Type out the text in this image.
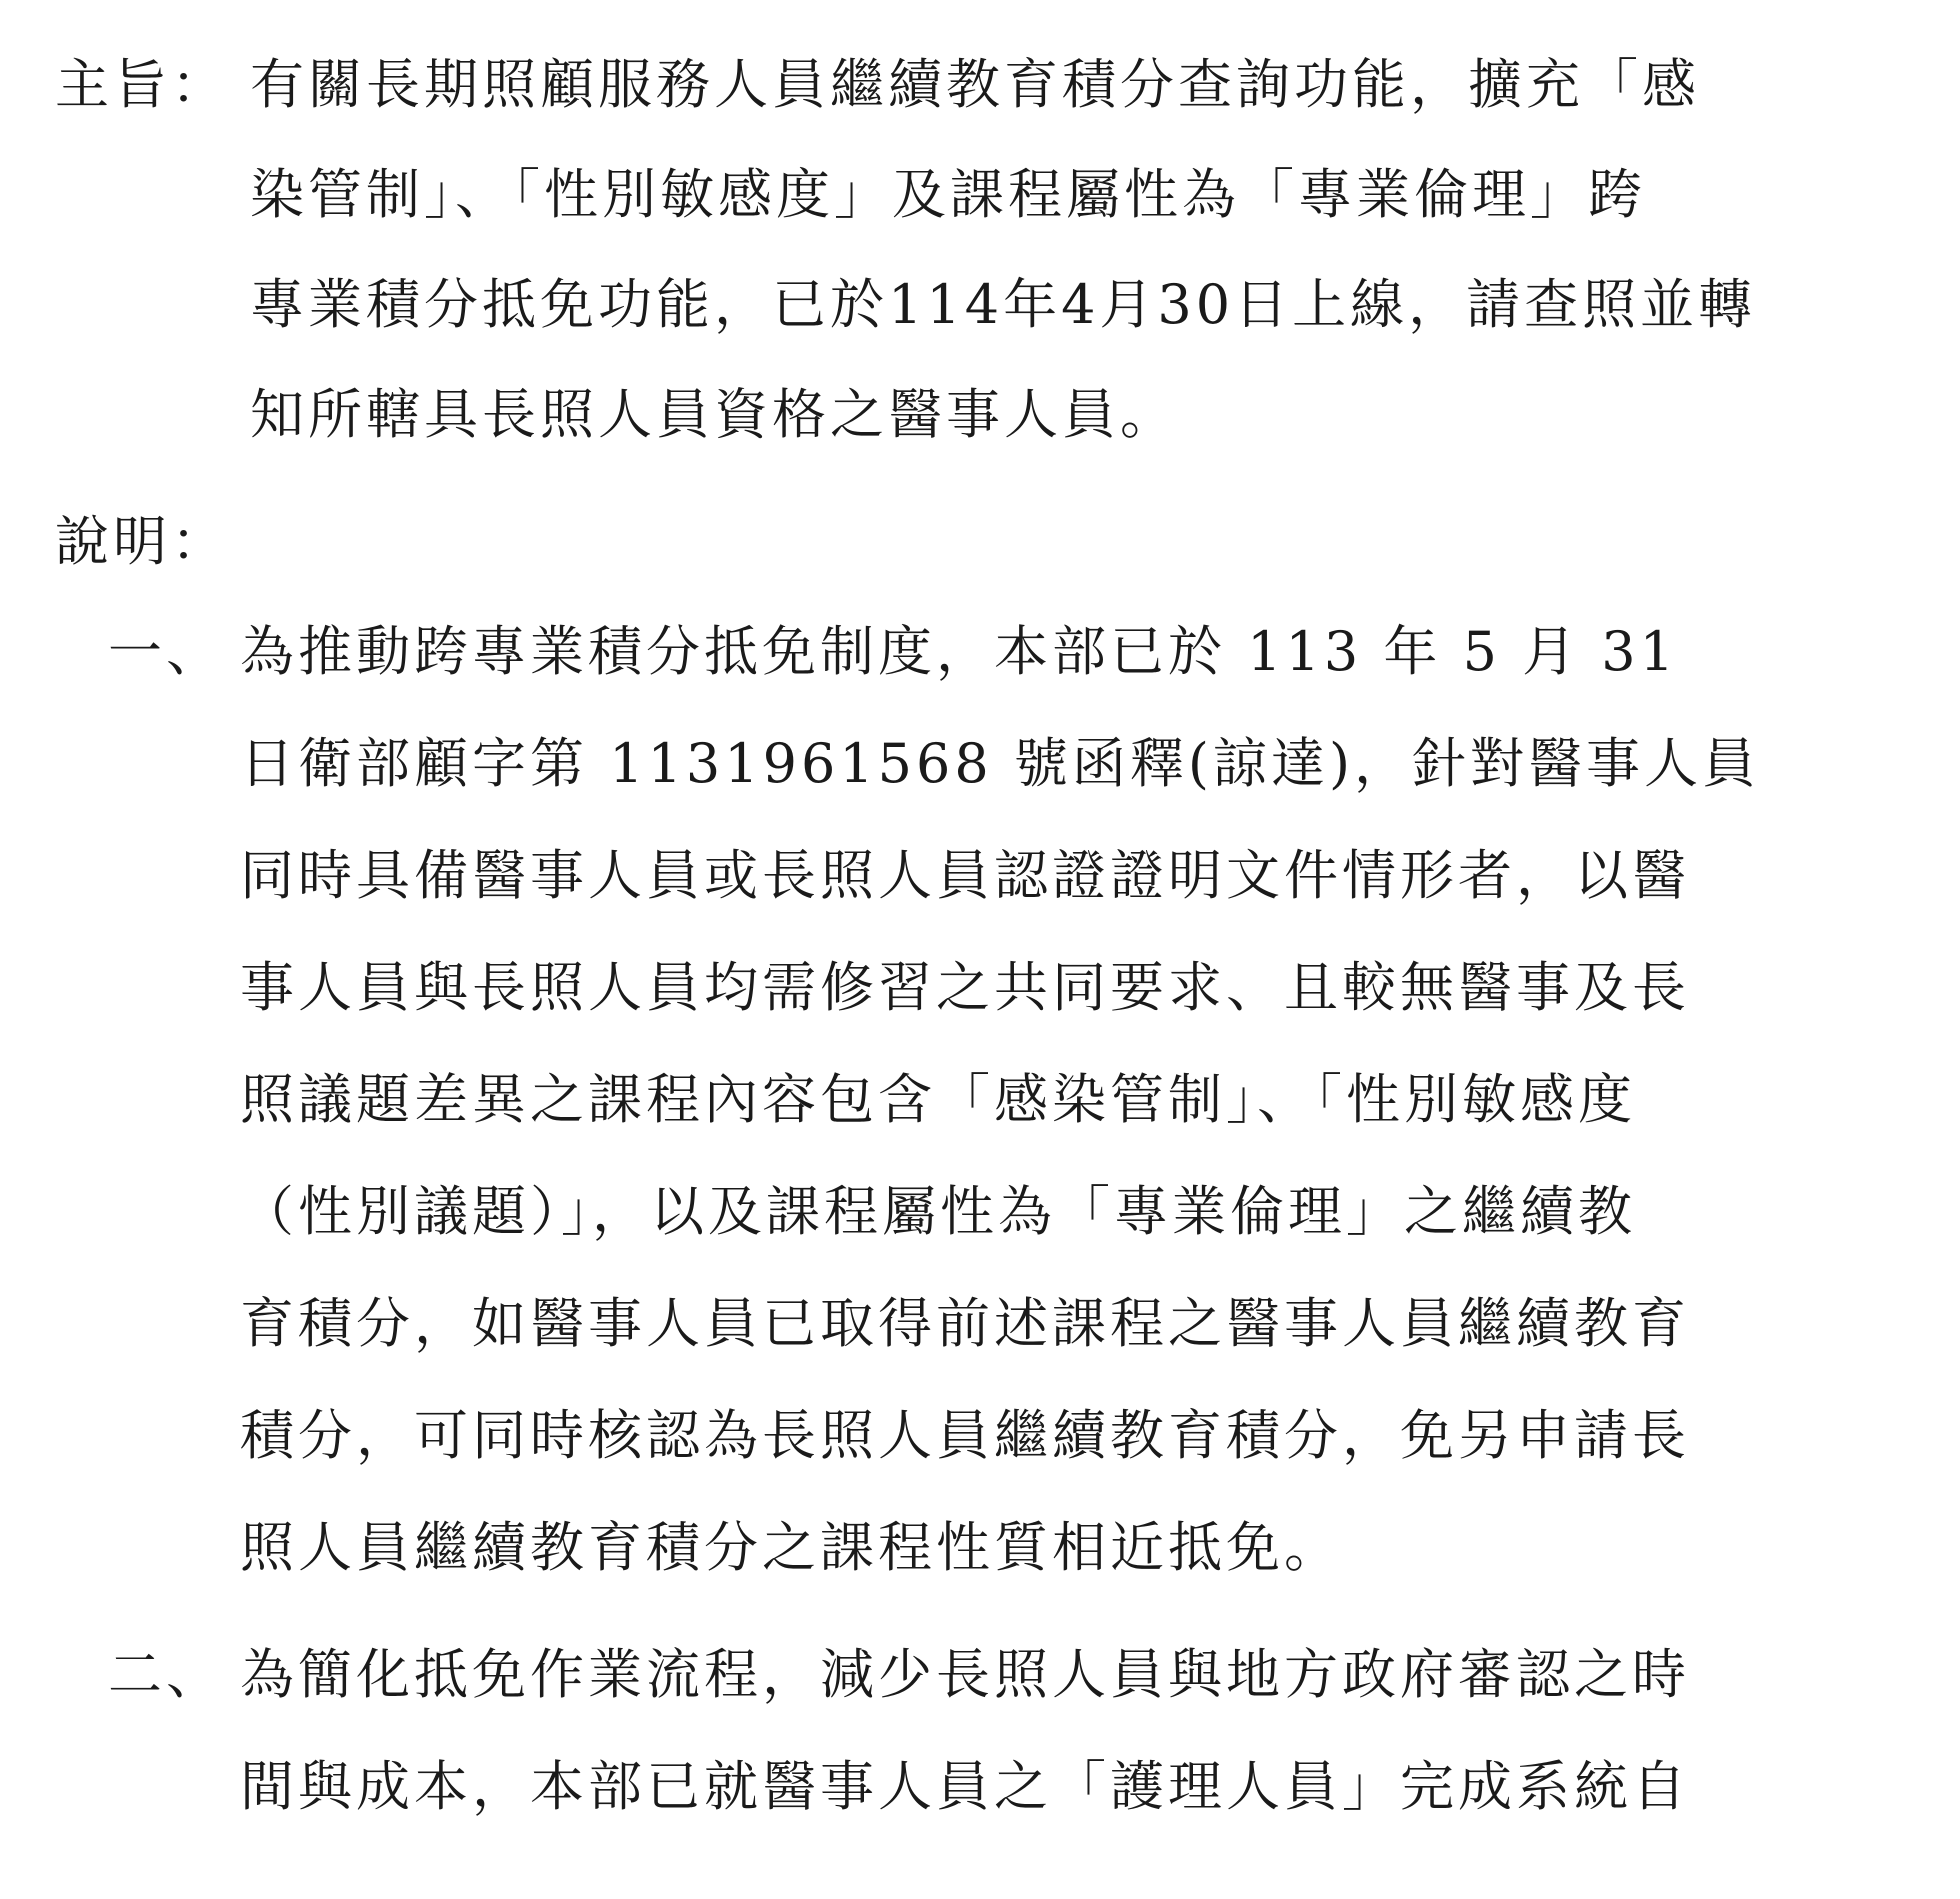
主旨： 有關長期照顧服務人員繼續教育積分查詢功能，擴充「感
染管制」、「性別敏感度」及課程屬性為「專業倫理」跨
專業積分抵免功能，已於114年4月30日上線，請查照並轉
知所轄具長照人員資格之醫事人員。
說明：
一、 為推動跨專業積分抵免制度，本部已於 113 年 5 月 31
日衛部顧字第 1131961568 號函釋(諒達)，針對醫事人員
同時具備醫事人員或長照人員認證證明文件情形者，以醫
事人員與長照人員均需修習之共同要求、且較無醫事及長
照議題差異之課程內容包含「感染管制」、「性別敏感度
（性別議題）」，以及課程屬性為「專業倫理」之繼續教
育積分，如醫事人員已取得前述課程之醫事人員繼續教育
積分，可同時核認為長照人員繼續教育積分，免另申請長
照人員繼續教育積分之課程性質相近抵免。
二、 為簡化抵免作業流程，減少長照人員與地方政府審認之時
間與成本，本部已就醫事人員之「護理人員」完成系統自
